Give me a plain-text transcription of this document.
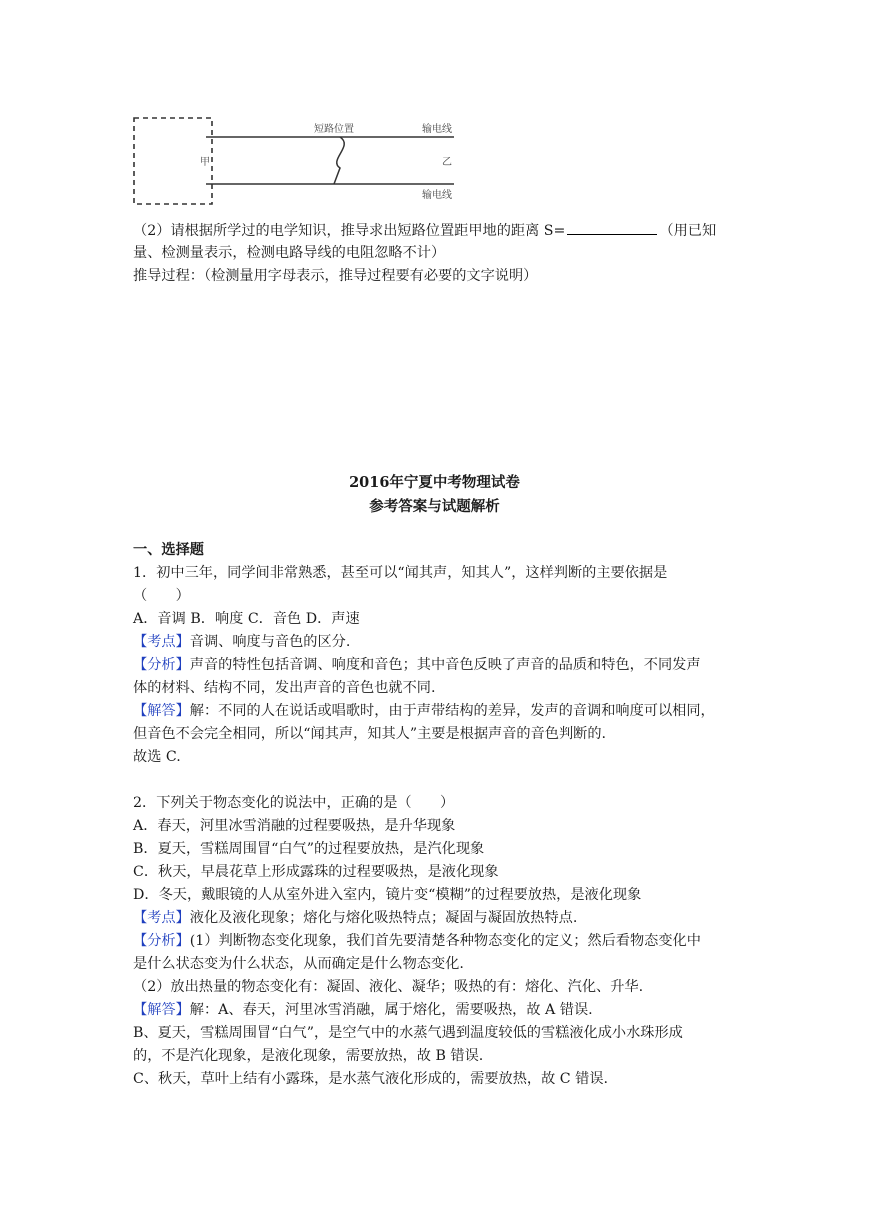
短路位置	输电线
输电线
甲	乙
（2）请根据所学过的电学知识，推导求出短路位置距甲地的距离 S=	（用已知
量、检测量表示，检测电路导线的电阻忽略不计）
推导过程：（检测量用字母表示，推导过程要有必要的文字说明）
2016年宁夏中考物理试卷
参考答案与试题解析
一、选择题
1．初中三年，同学间非常熟悉，甚至可以“闻其声，知其人”，这样判断的主要依据是
（　　）
A．音调 B．响度 C．音色 D．声速
【考点】音调、响度与音色的区分.
【分析】声音的特性包括音调、响度和音色；其中音色反映了声音的品质和特色，不同发声
体的材料、结构不同，发出声音的音色也就不同.
【解答】解：不同的人在说话或唱歌时，由于声带结构的差异，发声的音调和响度可以相同，
但音色不会完全相同，所以“闻其声，知其人”主要是根据声音的音色判断的.
故选 C.
2．下列关于物态变化的说法中，正确的是（　　）
A．春天，河里冰雪消融的过程要吸热，是升华现象
B．夏天，雪糕周围冒“白气”的过程要放热，是汽化现象
C．秋天，早晨花草上形成露珠的过程要吸热，是液化现象
D．冬天，戴眼镜的人从室外进入室内，镜片变“模糊”的过程要放热，是液化现象
【考点】液化及液化现象；熔化与熔化吸热特点；凝固与凝固放热特点.
【分析】(1）判断物态变化现象，我们首先要清楚各种物态变化的定义；然后看物态变化中
是什么状态变为什么状态，从而确定是什么物态变化.
（2）放出热量的物态变化有：凝固、液化、凝华；吸热的有：熔化、汽化、升华.
【解答】解：A、春天，河里冰雪消融，属于熔化，需要吸热，故 A 错误.
B、夏天，雪糕周围冒“白气”，是空气中的水蒸气遇到温度较低的雪糕液化成小水珠形成
的，不是汽化现象，是液化现象，需要放热，故 B 错误.
C、秋天，草叶上结有小露珠，是水蒸气液化形成的，需要放热，故 C 错误.
